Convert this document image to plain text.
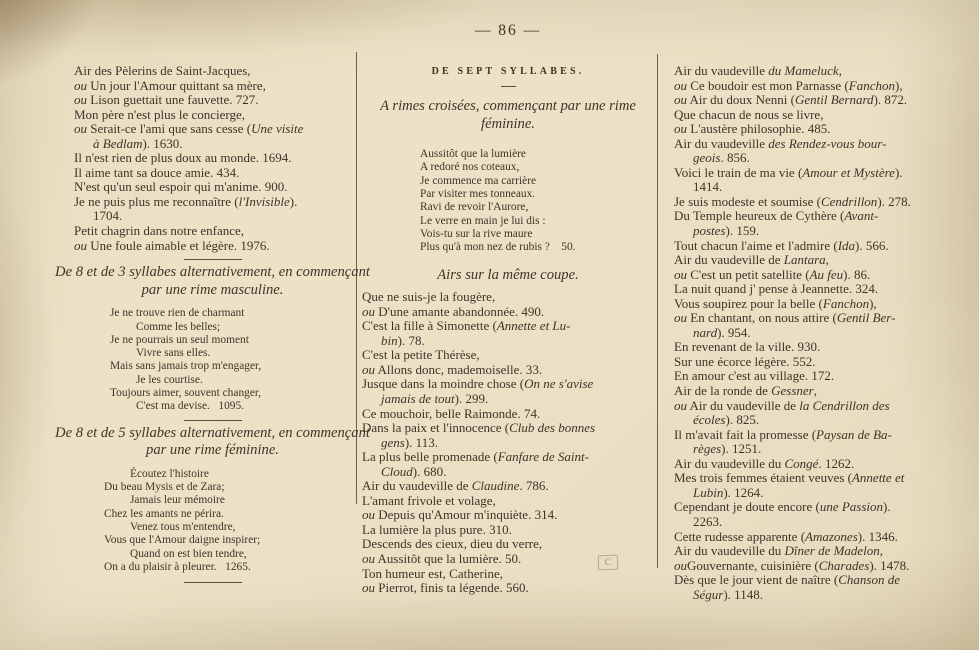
Air des Pèlerins de Saint-Jacques,
ou Un jour l'Amour quittant sa mère,
ou Lison guettait une fauvette. 727.
Mon père n'est plus le concierge,
ou Serait-ce l'ami que sans cesse (Une visite
à Bedlam). 1630.
Il n'est rien de plus doux au monde. 1694.
Il aime tant sa douce amie. 434.
N'est qu'un seul espoir qui m'anime. 900.
Je ne puis plus me reconnaître (l'Invisible).
1704.
Petit chagrin dans notre enfance,
ou Une foule aimable et légère. 1976.
De 8 et de 3 syllabes alternativement, en commençant par une rime masculine.
Je ne trouve rien de charmant
Comme les belles;
Je ne pourrais un seul moment
Vivre sans elles.
Mais sans jamais trop m'engager,
Je les courtise.
Toujours aimer, souvent changer,
C'est ma devise.   1095.
De 8 et de 5 syllabes alternativement, en commençant par une rime féminine.
Écoutez l'histoire
Du beau Mysis et de Zara;
Jamais leur mémoire
Chez les amants ne périra.
Venez tous m'entendre,
Vous que l'Amour daigne inspirer;
Quand on est bien tendre,
On a du plaisir à pleurer.   1265.
— 86 —
DE SEPT SYLLABES.
A rimes croisées, commençant par une rime féminine.
Aussitôt que la lumière
A redoré nos coteaux,
Je commence ma carrière
Par visiter mes tonneaux.
Ravi de revoir l'Aurore,
Le verre en main je lui dis :
Vois-tu sur la rive maure
Plus qu'à mon nez de rubis ?    50.
Airs sur la même coupe.
Que ne suis-je la fougère,
ou D'une amante abandonnée. 490.
C'est la fille à Simonette (Annette et Lu-
bin). 78.
C'est la petite Thérèse,
ou Allons donc, mademoiselle. 33.
Jusque dans la moindre chose (On ne s'avise
jamais de tout). 299.
Ce mouchoir, belle Raimonde. 74.
Dans la paix et l'innocence (Club des bonnes
gens). 113.
La plus belle promenade (Fanfare de Saint-
Cloud). 680.
Air du vaudeville de Claudine. 786.
L'amant frivole et volage,
ou Depuis qu'Amour m'inquiète. 314.
La lumière la plus pure. 310.
Descends des cieux, dieu du verre,
ou Aussitôt que la lumière. 50.
Ton humeur est, Catherine,
ou Pierrot, finis ta légende. 560.
Air du vaudeville du Mameluck,
ou Ce boudoir est mon Parnasse (Fanchon),
ou Air du doux Nenni (Gentil Bernard). 872.
Que chacun de nous se livre,
ou L'austère philosophie. 485.
Air du vaudeville des Rendez-vous bour-
geois. 856.
Voici le train de ma vie (Amour et Mystère).
1414.
Je suis modeste et soumise (Cendrillon). 278.
Du Temple heureux de Cythère (Avant-
postes). 159.
Tout chacun l'aime et l'admire (Ida). 566.
Air du vaudeville de Lantara,
ou C'est un petit satellite (Au feu). 86.
La nuit quand j' pense à Jeannette. 324.
Vous soupirez pour la belle (Fanchon),
ou En chantant, on nous attire (Gentil Ber-
nard). 954.
En revenant de la ville. 930.
Sur une écorce légère. 552.
En amour c'est au village. 172.
Air de la ronde de Gessner,
ou Air du vaudeville de la Cendrillon des
écoles). 825.
Il m'avait fait la promesse (Paysan de Ba-
règes). 1251.
Air du vaudeville du Congé. 1262.
Mes trois femmes étaient veuves (Annette et
Lubin). 1264.
Cependant je doute encore (une Passion).
2263.
Cette rudesse apparente (Amazones). 1346.
Air du vaudeville du Dîner de Madelon,
ouGouvernante, cuisinière (Charades). 1478.
Dès que le jour vient de naître (Chanson de
Ségur). 1148.
C
